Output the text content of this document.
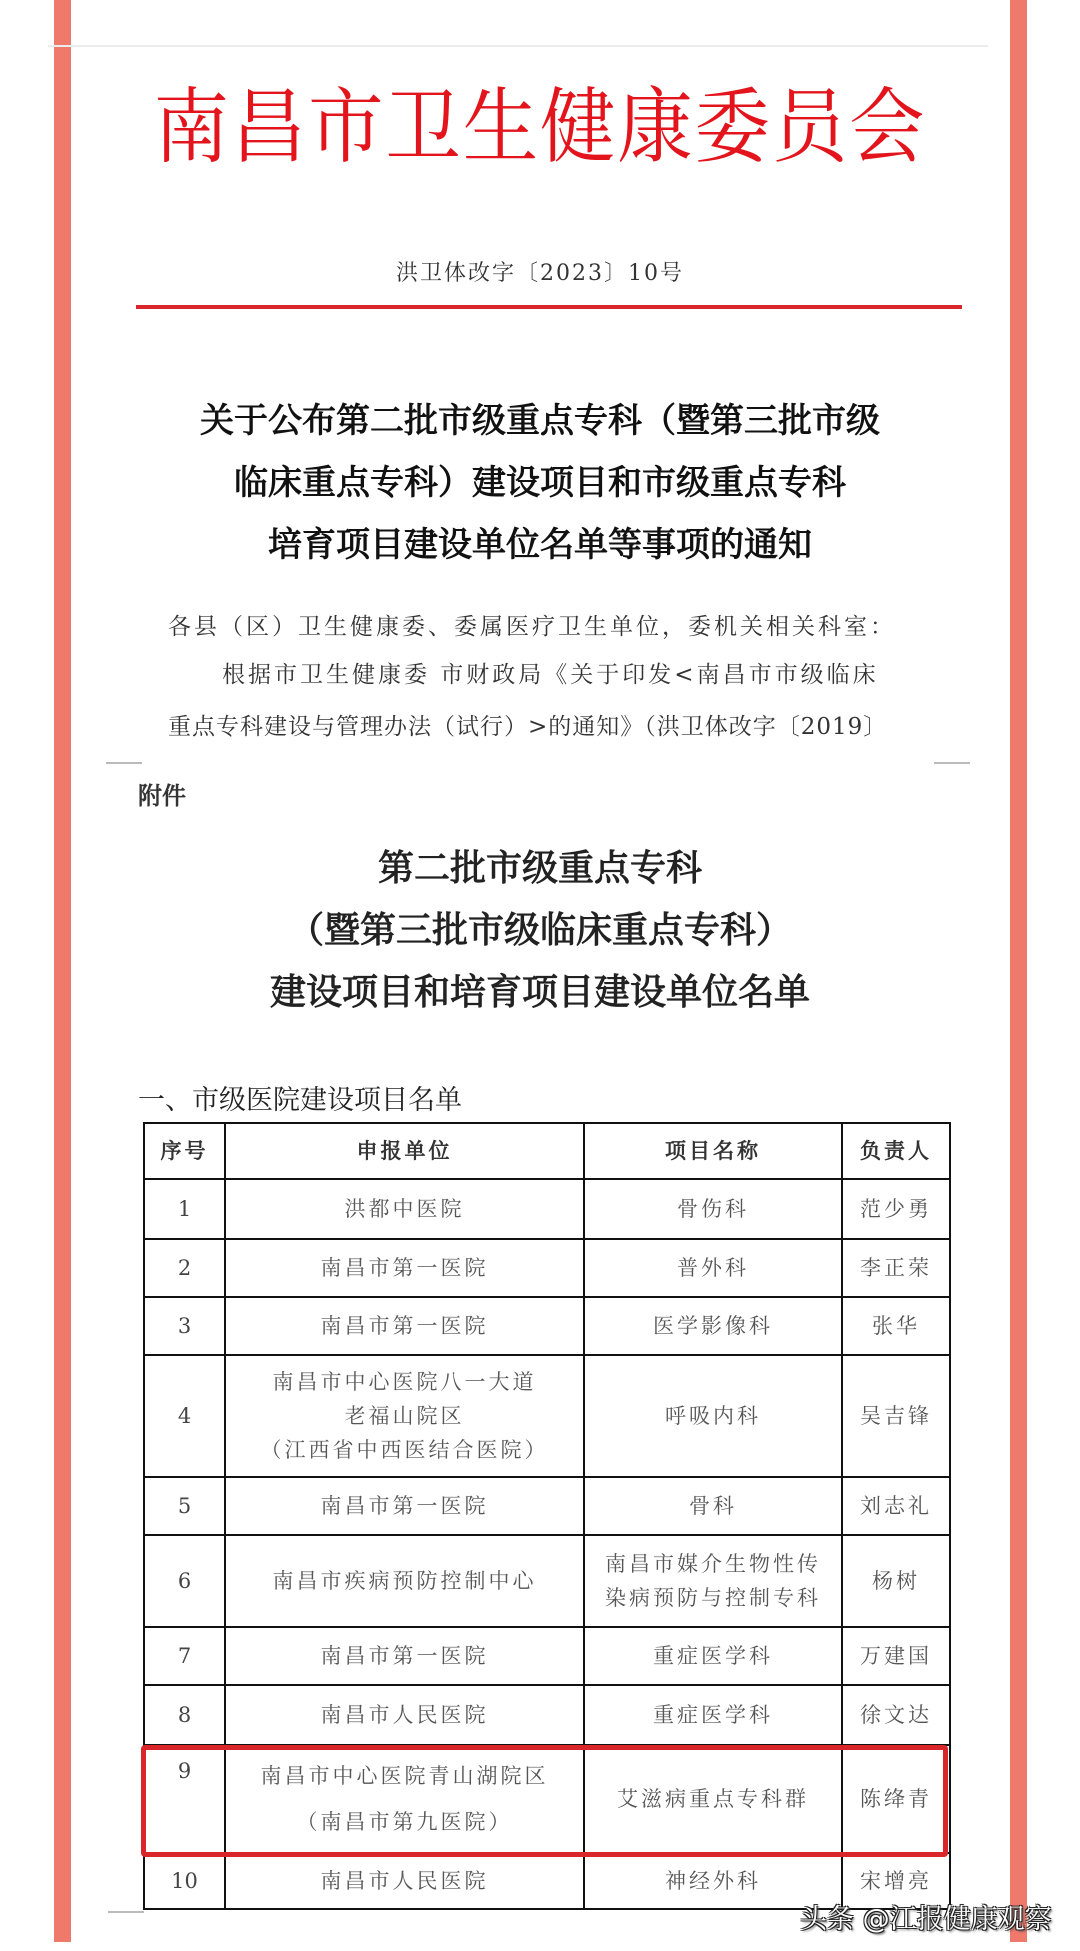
南昌市卫生健康委员会
洪卫体改字〔2023〕10号
关于公布第二批市级重点专科（暨第三批市级
临床重点专科）建设项目和市级重点专科
培育项目建设单位名单等事项的通知
各县（区）卫生健康委、委属医疗卫生单位，委机关相关科室：
根据市卫生健康委 市财政局《关于印发<南昌市市级临床
重点专科建设与管理办法（试行）>的通知》（洪卫体改字〔2019〕
附件
第二批市级重点专科
（暨第三批市级临床重点专科）
建设项目和培育项目建设单位名单
一、市级医院建设项目名单
序号	申报单位	项目名称	负责人
1	洪都中医院	骨伤科	范少勇
2	南昌市第一医院	普外科	李正荣
3	南昌市第一医院	医学影像科	张华
4	南昌市中心医院八一大道
老福山院区
（江西省中西医结合医院）	呼吸内科	吴吉锋
5	南昌市第一医院	骨科	刘志礼
6	南昌市疾病预防控制中心	南昌市媒介生物性传
染病预防与控制专科	杨树
7	南昌市第一医院	重症医学科	万建国
8	南昌市人民医院	重症医学科	徐文达
9	南昌市中心医院青山湖院区
（南昌市第九医院）	艾滋病重点专科群	陈绛青
10	南昌市人民医院	神经外科	宋增亮
头条 @江报健康观察
